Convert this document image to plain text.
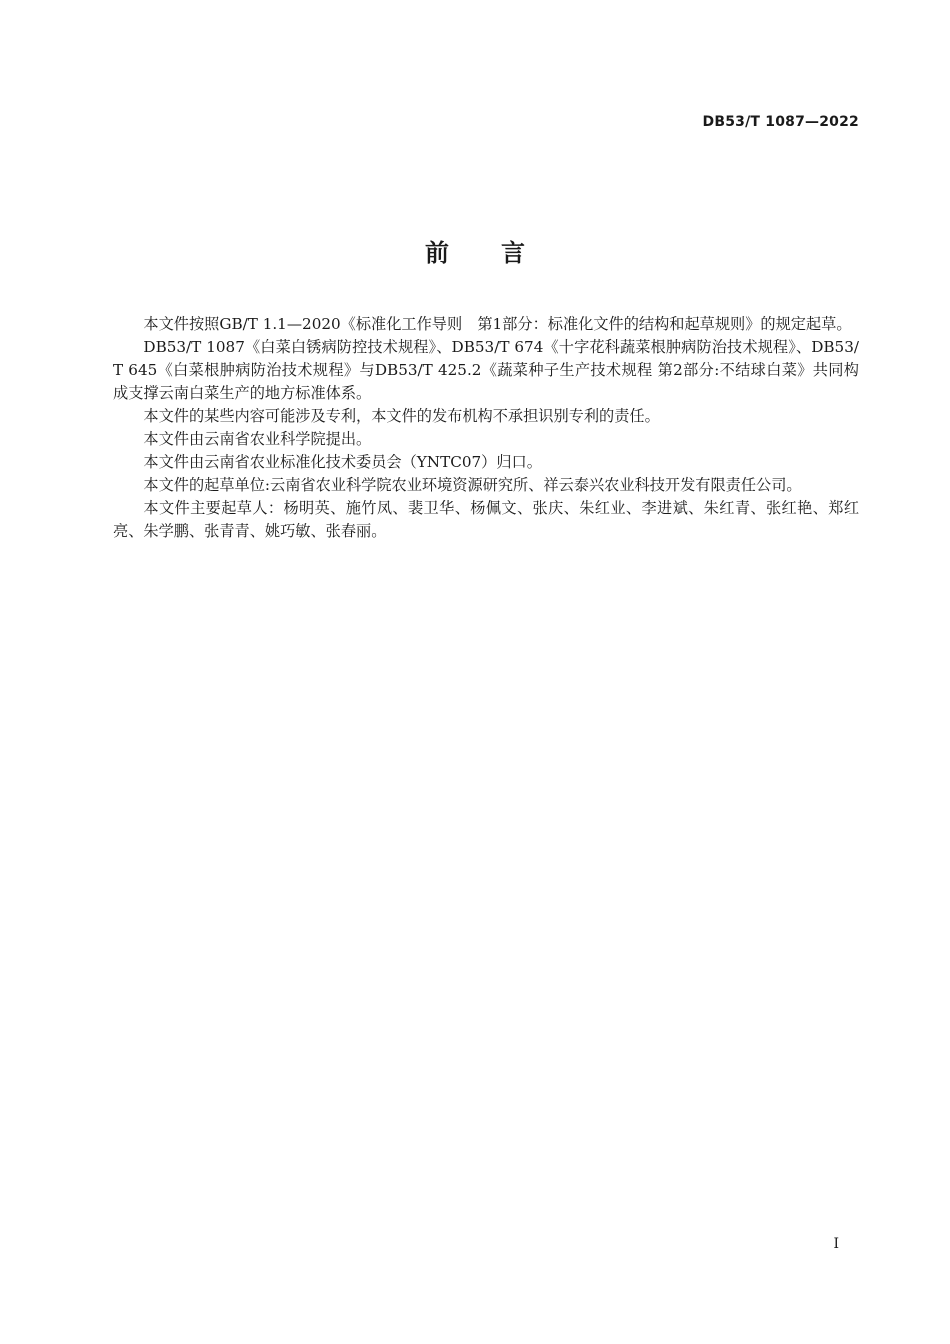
DB53/T 1087—2022
前言

本文件按照GB/T 1.1—2020《标准化工作导则　第1部分：标准化文件的结构和起草规则》的规定起草。

DB53/T 1087《白菜白锈病防控技术规程》、DB53/T 674《十字花科蔬菜根肿病防治技术规程》、DB53/T 645《白菜根肿病防治技术规程》与DB53/T 425.2《蔬菜种子生产技术规程 第2部分:不结球白菜》共同构成支撑云南白菜生产的地方标准体系。

本文件的某些内容可能涉及专利，本文件的发布机构不承担识别专利的责任。

本文件由云南省农业科学院提出。

本文件由云南省农业标准化技术委员会（YNTC07）归口。

本文件的起草单位:云南省农业科学院农业环境资源研究所、祥云泰兴农业科技开发有限责任公司。

本文件主要起草人：杨明英、施竹凤、裴卫华、杨佩文、张庆、朱红业、李进斌、朱红青、张红艳、郑红亮、朱学鹏、张青青、姚巧敏、张春丽。

I
